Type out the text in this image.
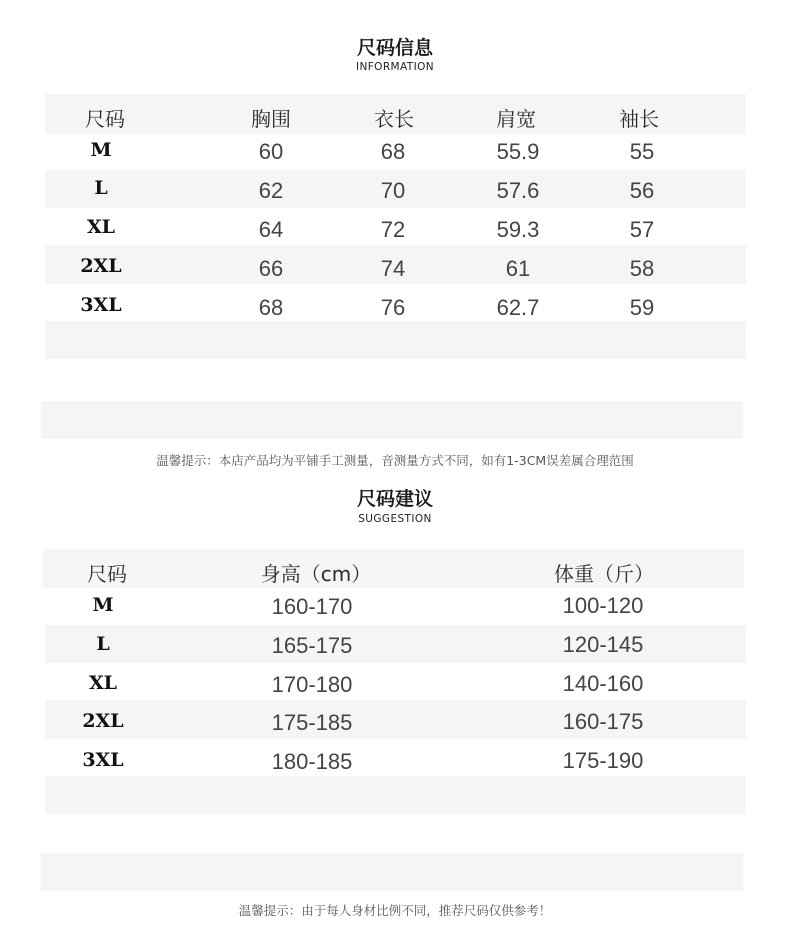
尺码信息
INFORMATION
尺码	胸围	衣长	肩宽	袖长
M	60	68	55.9	55
L	62	70	57.6	56
XL	64	72	59.3	57
2XL	66	74	61	58
3XL	68	76	62.7	59
温馨提示：本店产品均为平铺手工测量，音测量方式不同，如有1-3CM误差属合理范围
尺码建议
SUGGESTION
尺码	身高（cm）	体重（斤）
M	160-170	100-120
L	165-175	120-145
XL	170-180	140-160
2XL	175-185	160-175
3XL	180-185	175-190
温馨提示：由于每人身材比例不同，推荐尺码仅供参考！
